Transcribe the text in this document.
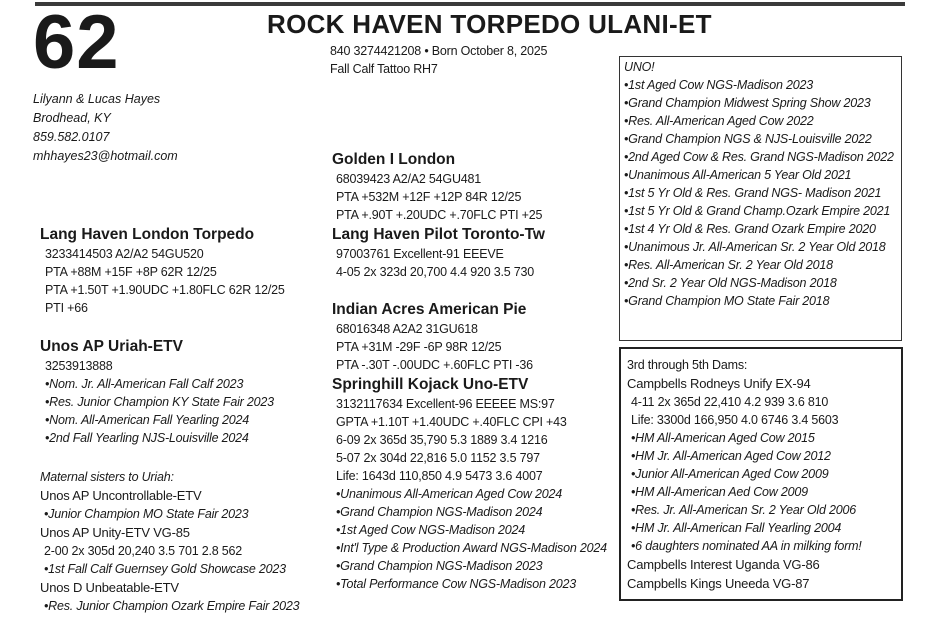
62	ROCK HAVEN TORPEDO ULANI-ET
840 3274421208 • Born October 8, 2025
Fall Calf Tattoo RH7
Lilyann & Lucas Hayes
Brodhead, KY
859.582.0107
mhhayes23@hotmail.com
Lang Haven London Torpedo
3233414503 A2/A2 54GU520
PTA +88M +15F +8P 62R 12/25
PTA +1.50T +1.90UDC +1.80FLC 62R 12/25
PTI +66
Unos AP Uriah-ETV
3253913888
•Nom. Jr. All-American Fall Calf 2023
•Res. Junior Champion KY State Fair 2023
•Nom. All-American Fall Yearling 2024
•2nd Fall Yearling NJS-Louisville 2024
Maternal sisters to Uriah:
Unos AP Uncontrollable-ETV
•Junior Champion MO State Fair 2023
Unos AP Unity-ETV VG-85
2-00 2x 305d 20,240 3.5 701 2.8 562
•1st Fall Calf Guernsey Gold Showcase 2023
Unos D Unbeatable-ETV
•Res. Junior Champion Ozark Empire Fair 2023
Golden I London
68039423 A2/A2 54GU481
PTA +532M +12F +12P 84R 12/25
PTA +.90T +.20UDC +.70FLC PTI +25
Lang Haven Pilot Toronto-Tw
97003761 Excellent-91 EEEVE
4-05 2x 323d 20,700 4.4 920 3.5 730
Indian Acres American Pie
68016348 A2A2 31GU618
PTA +31M -29F -6P 98R 12/25
PTA -.30T -.00UDC +.60FLC PTI -36
Springhill Kojack Uno-ETV
3132117634 Excellent-96 EEEEE MS:97
GPTA +1.10T +1.40UDC +.40FLC CPI +43
6-09 2x 365d 35,790 5.3 1889 3.4 1216
5-07 2x 304d 22,816 5.0 1152 3.5 797
Life: 1643d 110,850 4.9 5473 3.6 4007
•Unanimous All-American Aged Cow 2024
•Grand Champion NGS-Madison 2024
•1st Aged Cow NGS-Madison 2024
•Int'l Type & Production Award NGS-Madison 2024
•Grand Champion NGS-Madison 2023
•Total Performance Cow NGS-Madison 2023
UNO!
•1st Aged Cow NGS-Madison 2023
•Grand Champion Midwest Spring Show 2023
•Res. All-American Aged Cow 2022
•Grand Champion NGS & NJS-Louisville 2022
•2nd Aged Cow & Res. Grand NGS-Madison 2022
•Unanimous All-American 5 Year Old 2021
•1st 5 Yr Old & Res. Grand NGS- Madison 2021
•1st 5 Yr Old & Grand Champ.Ozark Empire 2021
•1st 4 Yr Old & Res. Grand Ozark Empire 2020
•Unanimous Jr. All-American Sr. 2 Year Old 2018
•Res. All-American Sr. 2 Year Old 2018
•2nd Sr. 2 Year Old NGS-Madison 2018
•Grand Champion MO State Fair 2018
3rd through 5th Dams:
Campbells Rodneys Unify EX-94
4-11 2x 365d 22,410 4.2 939 3.6 810
Life: 3300d 166,950 4.0 6746 3.4 5603
•HM All-American Aged Cow 2015
•HM Jr. All-American Aged Cow 2012
•Junior All-American Aged Cow 2009
•HM All-American Aed Cow 2009
•Res. Jr. All-American Sr. 2 Year Old 2006
•HM Jr. All-American Fall Yearling 2004
•6 daughters nominated AA in milking form!
Campbells Interest Uganda VG-86
Campbells Kings Uneeda VG-87
